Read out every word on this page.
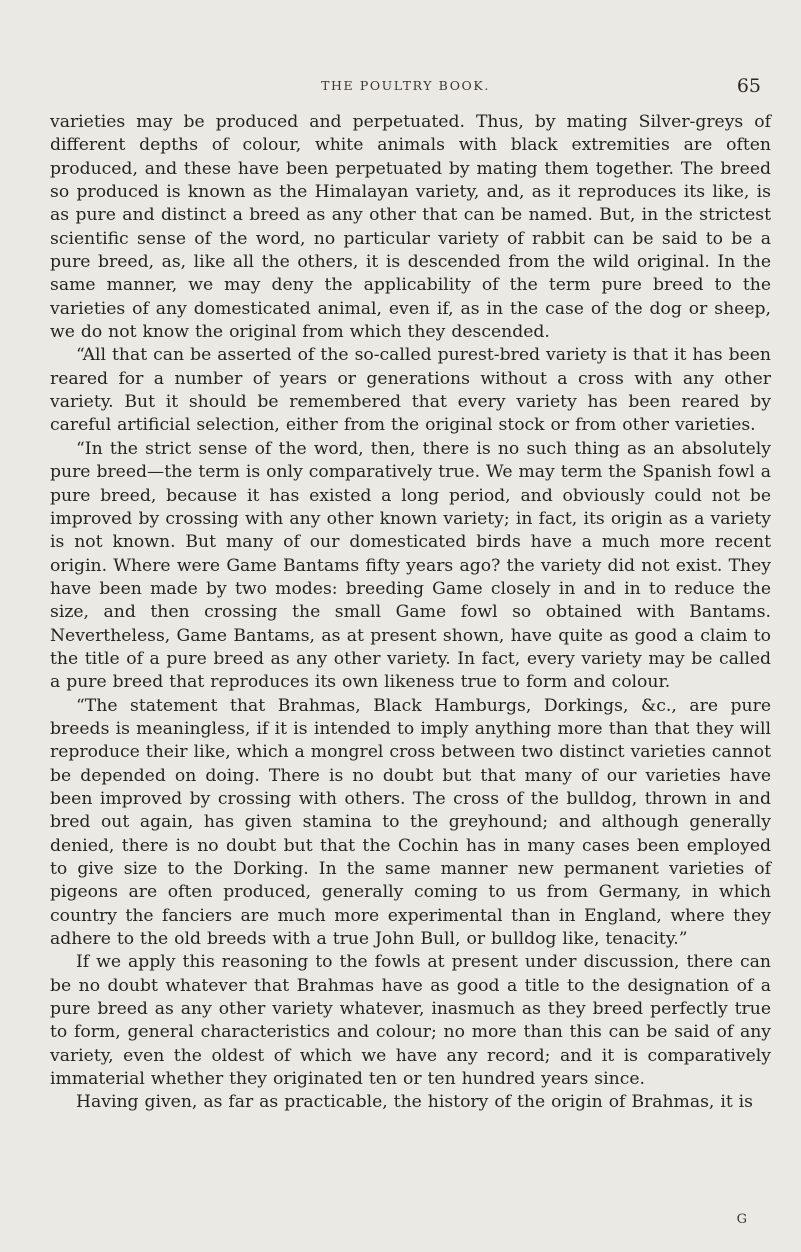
THE POULTRY BOOK.	65

varieties may be produced and perpetuated. Thus, by mating Silver-greys of different depths of colour, white animals with black extremities are often produced, and these have been perpetuated by mating them together. The breed so produced is known as the Himalayan variety, and, as it reproduces its like, is as pure and distinct a breed as any other that can be named. But, in the strictest scientific sense of the word, no particular variety of rabbit can be said to be a pure breed, as, like all the others, it is descended from the wild original. In the same manner, we may deny the applicability of the term pure breed to the varieties of any domesticated animal, even if, as in the case of the dog or sheep, we do not know the original from which they descended.

“All that can be asserted of the so-called purest-bred variety is that it has been reared for a number of years or generations without a cross with any other variety. But it should be remembered that every variety has been reared by careful artificial selection, either from the original stock or from other varieties.

“In the strict sense of the word, then, there is no such thing as an absolutely pure breed—the term is only comparatively true. We may term the Spanish fowl a pure breed, because it has existed a long period, and obviously could not be improved by crossing with any other known variety; in fact, its origin as a variety is not known. But many of our domesticated birds have a much more recent origin. Where were Game Bantams fifty years ago? the variety did not exist. They have been made by two modes: breeding Game closely in and in to reduce the size, and then crossing the small Game fowl so obtained with Bantams. Nevertheless, Game Bantams, as at present shown, have quite as good a claim to the title of a pure breed as any other variety. In fact, every variety may be called a pure breed that reproduces its own likeness true to form and colour.

“The statement that Brahmas, Black Hamburgs, Dorkings, &c., are pure breeds is meaningless, if it is intended to imply anything more than that they will reproduce their like, which a mongrel cross between two distinct varieties cannot be depended on doing. There is no doubt but that many of our varieties have been improved by crossing with others. The cross of the bulldog, thrown in and bred out again, has given stamina to the greyhound; and although generally denied, there is no doubt but that the Cochin has in many cases been employed to give size to the Dorking. In the same manner new permanent varieties of pigeons are often produced, generally coming to us from Germany, in which country the fanciers are much more experimental than in England, where they adhere to the old breeds with a true John Bull, or bulldog like, tenacity.”

If we apply this reasoning to the fowls at present under discussion, there can be no doubt whatever that Brahmas have as good a title to the designation of a pure breed as any other variety whatever, inasmuch as they breed perfectly true to form, general characteristics and colour; no more than this can be said of any variety, even the oldest of which we have any record; and it is comparatively immaterial whether they originated ten or ten hundred years since.

Having given, as far as practicable, the history of the origin of Brahmas, it is

G
